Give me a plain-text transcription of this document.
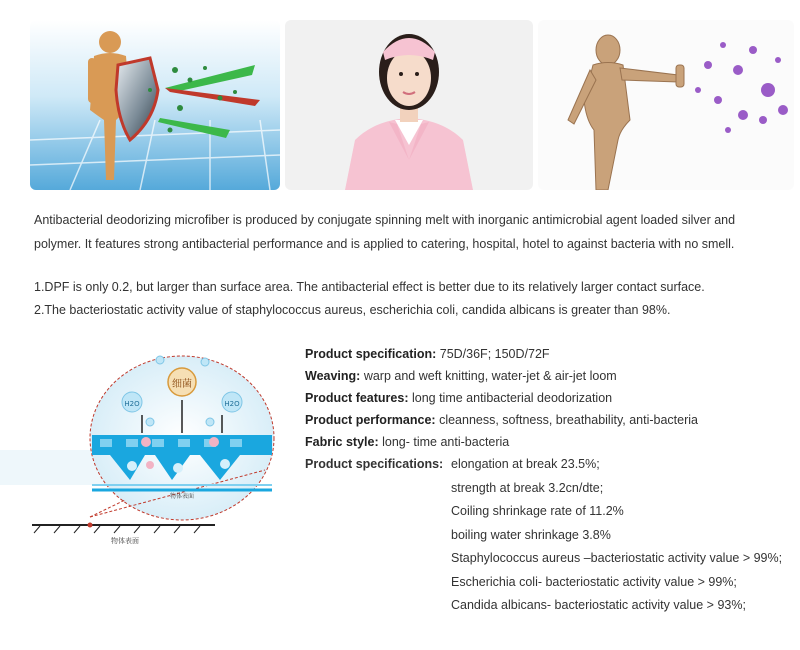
Antibacterial deodorizing microfiber is produced by conjugate spinning melt with inorganic antimicrobial agent loaded silver and polymer. It features strong antibacterial performance and is applied to catering, hospital, hotel to against bacteria with no smell.

1.DPF is only 0.2, but larger than surface area. The antibacterial effect is better due to its relatively larger contact surface.
2.The bacteriostatic activity value of staphylococcus aureus, escherichia coli, candida albicans is greater than 98%.
细菌
H2O	H2O
物体表面
物体表面
Product specification: 75D/36F; 150D/72F
Weaving: warp and weft knitting, water-jet & air-jet loom
Product features: long time antibacterial deodorization
Product performance: cleanness, softness, breathability, anti-bacteria
Fabric style: long- time anti-bacteria
Product specifications: elongation at break 23.5%;
strength at break 3.2cn/dte;
Coiling shrinkage rate of 11.2%
boiling water shrinkage 3.8%
Staphylococcus aureus –bacteriostatic activity value > 99%;
Escherichia coli- bacteriostatic activity value > 99%;
Candida albicans- bacteriostatic activity value > 93%;
